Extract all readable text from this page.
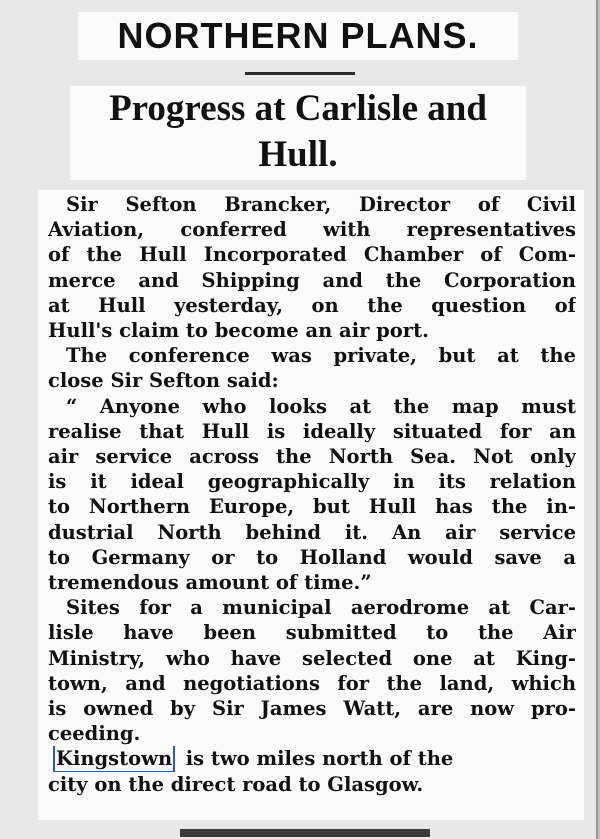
NORTHERN PLANS.
Progress at Carlisle and
Hull.
Sir Sefton Brancker, Director of Civil
Aviation, conferred with representatives
of the Hull Incorporated Chamber of Com-
merce and Shipping and the Corporation
at Hull yesterday, on the question of
Hull's claim to become an air port.
The conference was private, but at the
close Sir Sefton said:
“ Anyone who looks at the map must
realise that Hull is ideally situated for an
air service across the North Sea. Not only
is it ideal geographically in its relation
to Northern Europe, but Hull has the in-
dustrial North behind it. An air service
to Germany or to Holland would save a
tremendous amount of time.”
Sites for a municipal aerodrome at Car-
lisle have been submitted to the Air
Ministry, who have selected one at King-
town, and negotiations for the land, which
is owned by Sir James Watt, are now pro-
ceeding.
Kingstown is two miles north of the
city on the direct road to Glasgow.
